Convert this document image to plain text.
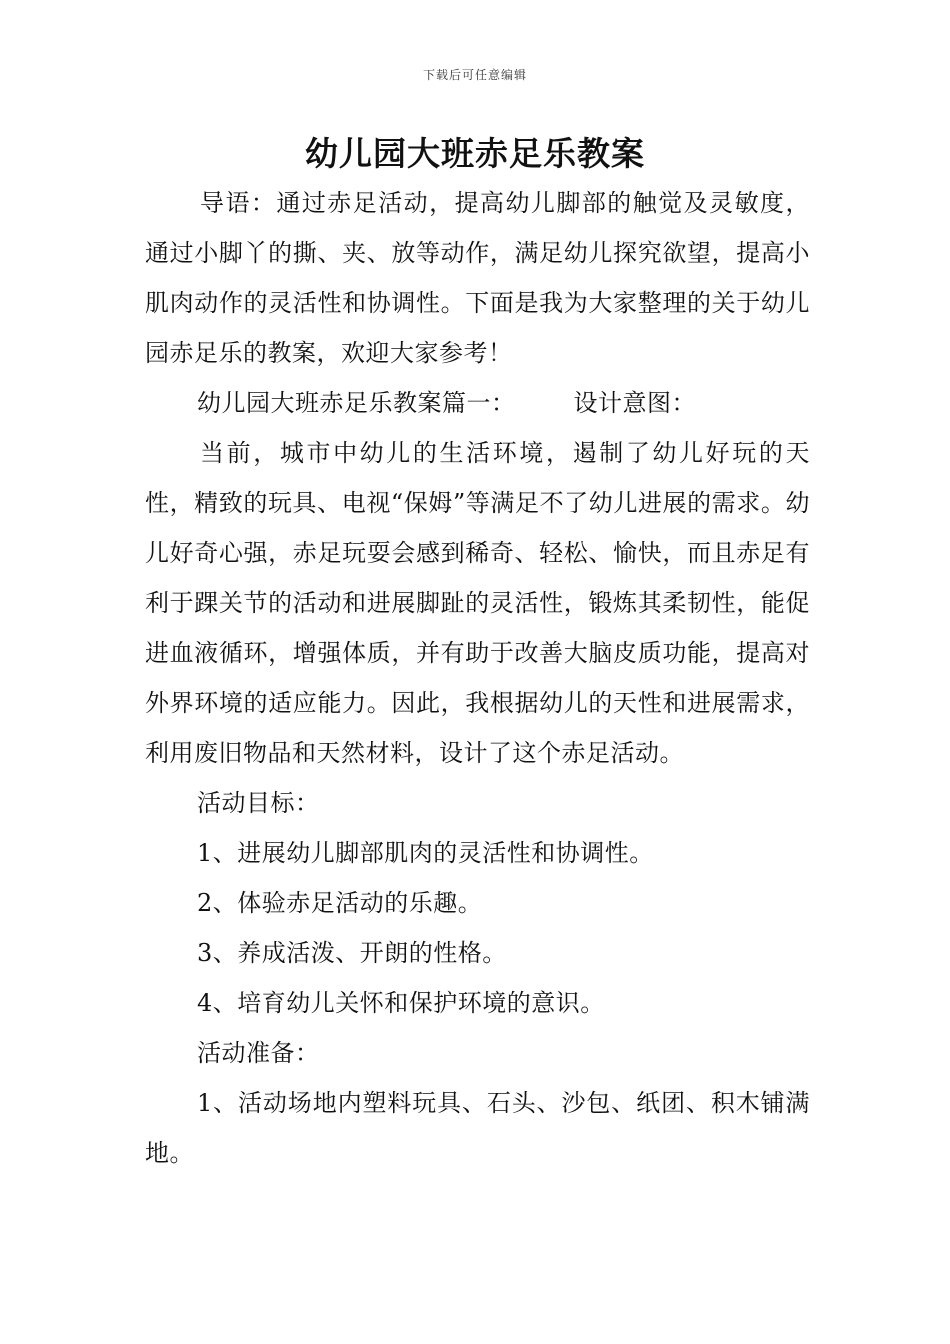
下载后可任意编辑
幼儿园大班赤足乐教案

导语：通过赤足活动，提高幼儿脚部的触觉及灵敏度，通过小脚丫的撕、夹、放等动作，满足幼儿探究欲望，提高小肌肉动作的灵活性和协调性。下面是我为大家整理的关于幼儿园赤足乐的教案，欢迎大家参考！

幼儿园大班赤足乐教案篇一： 设计意图：

当前，城市中幼儿的生活环境，遏制了幼儿好玩的天性，精致的玩具、电视“保姆”等满足不了幼儿进展的需求。幼儿好奇心强，赤足玩耍会感到稀奇、轻松、愉快，而且赤足有利于踝关节的活动和进展脚趾的灵活性，锻炼其柔韧性，能促进血液循环，增强体质，并有助于改善大脑皮质功能，提高对外界环境的适应能力。因此，我根据幼儿的天性和进展需求，利用废旧物品和天然材料，设计了这个赤足活动。

活动目标：

1、进展幼儿脚部肌肉的灵活性和协调性。

2、体验赤足活动的乐趣。

3、养成活泼、开朗的性格。

4、培育幼儿关怀和保护环境的意识。

活动准备：

1、活动场地内塑料玩具、石头、沙包、纸团、积木铺满地。
